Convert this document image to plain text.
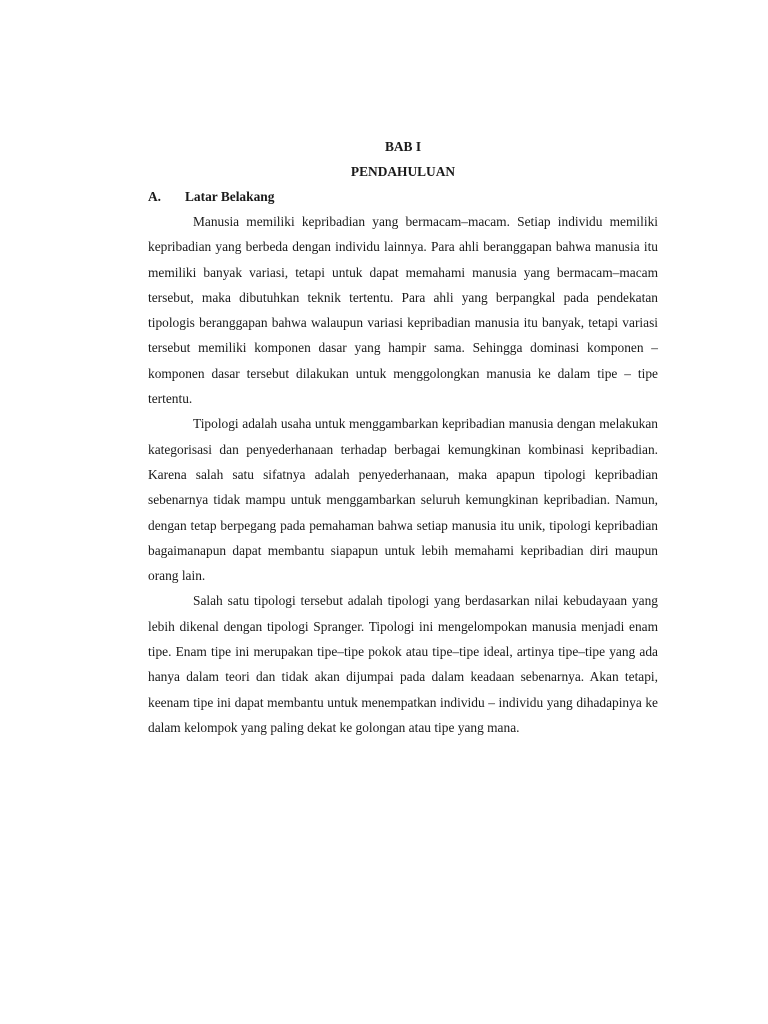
BAB I
PENDAHULUAN
A. Latar Belakang

Manusia memiliki kepribadian yang bermacam–macam. Setiap individu memiliki kepribadian yang berbeda dengan individu lainnya. Para ahli beranggapan bahwa manusia itu memiliki banyak variasi, tetapi untuk dapat memahami manusia yang bermacam–macam tersebut, maka dibutuhkan teknik tertentu. Para ahli yang berpangkal pada pendekatan tipologis beranggapan bahwa walaupun variasi kepribadian manusia itu banyak, tetapi variasi tersebut memiliki komponen dasar yang hampir sama. Sehingga dominasi komponen – komponen dasar tersebut dilakukan untuk menggolongkan manusia ke dalam tipe – tipe tertentu.

Tipologi adalah usaha untuk menggambarkan kepribadian manusia dengan melakukan kategorisasi dan penyederhanaan terhadap berbagai kemungkinan kombinasi kepribadian. Karena salah satu sifatnya adalah penyederhanaan, maka apapun tipologi kepribadian sebenarnya tidak mampu untuk menggambarkan seluruh kemungkinan kepribadian. Namun, dengan tetap berpegang pada pemahaman bahwa setiap manusia itu unik, tipologi kepribadian bagaimanapun dapat membantu siapapun untuk lebih memahami kepribadian diri maupun orang lain.

Salah satu tipologi tersebut adalah tipologi yang berdasarkan nilai kebudayaan yang lebih dikenal dengan tipologi Spranger. Tipologi ini mengelompokan manusia menjadi enam tipe. Enam tipe ini merupakan tipe–tipe pokok atau tipe–tipe ideal, artinya tipe–tipe yang ada hanya dalam teori dan tidak akan dijumpai pada dalam keadaan sebenarnya. Akan tetapi, keenam tipe ini dapat membantu untuk menempatkan individu – individu yang dihadapinya ke dalam kelompok yang paling dekat ke golongan atau tipe yang mana.
